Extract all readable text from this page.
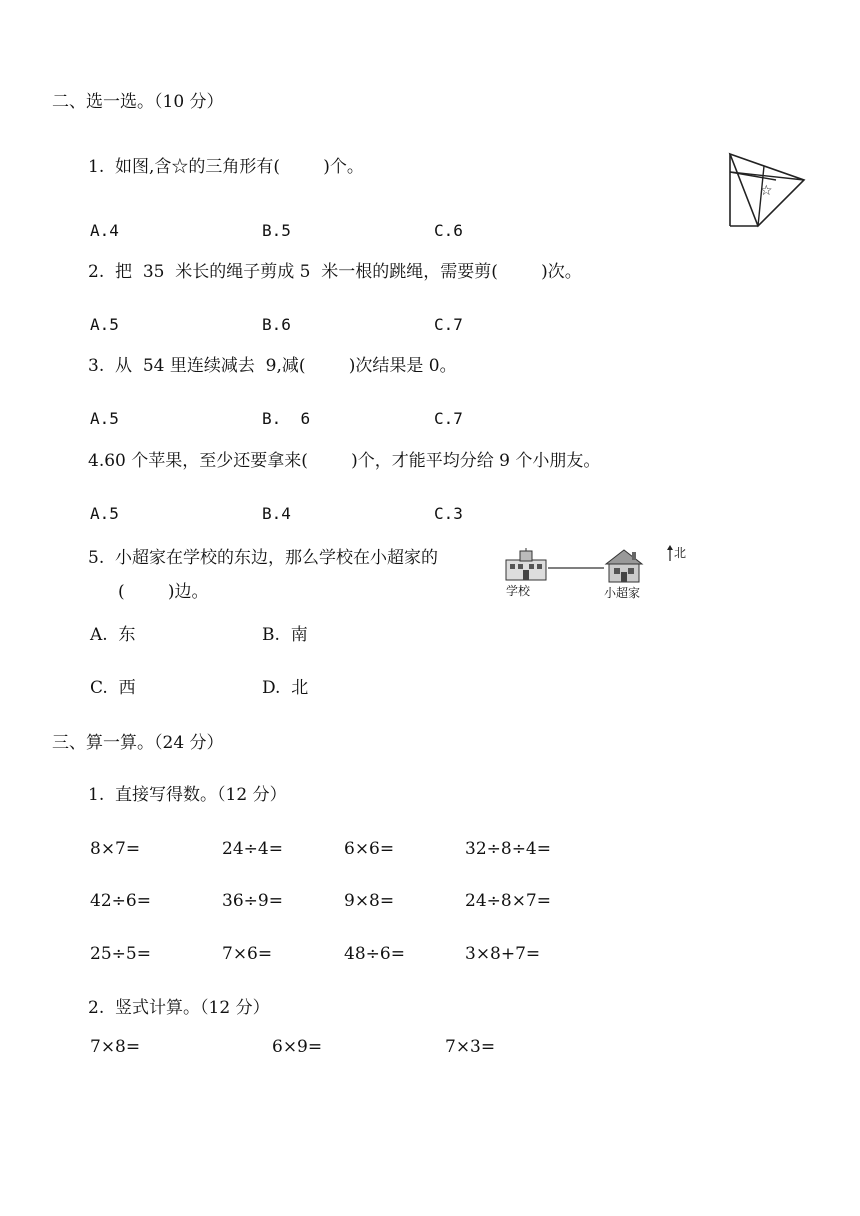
二、选一选。（10 分）
1.  如图,含☆的三角形有(        )个。
☆
A.4	B.5	C.6
2.  把  35  米长的绳子剪成 5  米一根的跳绳，需要剪(        )次。
A.5	B.6	C.7
3.  从  54 里连续减去  9,减(        )次结果是 0。
A.5	B.  6	C.7
4.60 个苹果，至少还要拿来(        )个，才能平均分给 9 个小朋友。
A.5	B.4	C.3
5.  小超家在学校的东边，那么学校在小超家的
(        )边。	学校	小超家
北
A.  东	B.  南
C.  西	D.  北
三、算一算。（24 分）
1.  直接写得数。（12 分）
8×7=	24÷4=	6×6=	32÷8÷4=
42÷6=	36÷9=	9×8=	24÷8×7=
25÷5=	7×6=	48÷6=	3×8+7=
2.  竖式计算。（12 分）
7×8=	6×9=	7×3=
